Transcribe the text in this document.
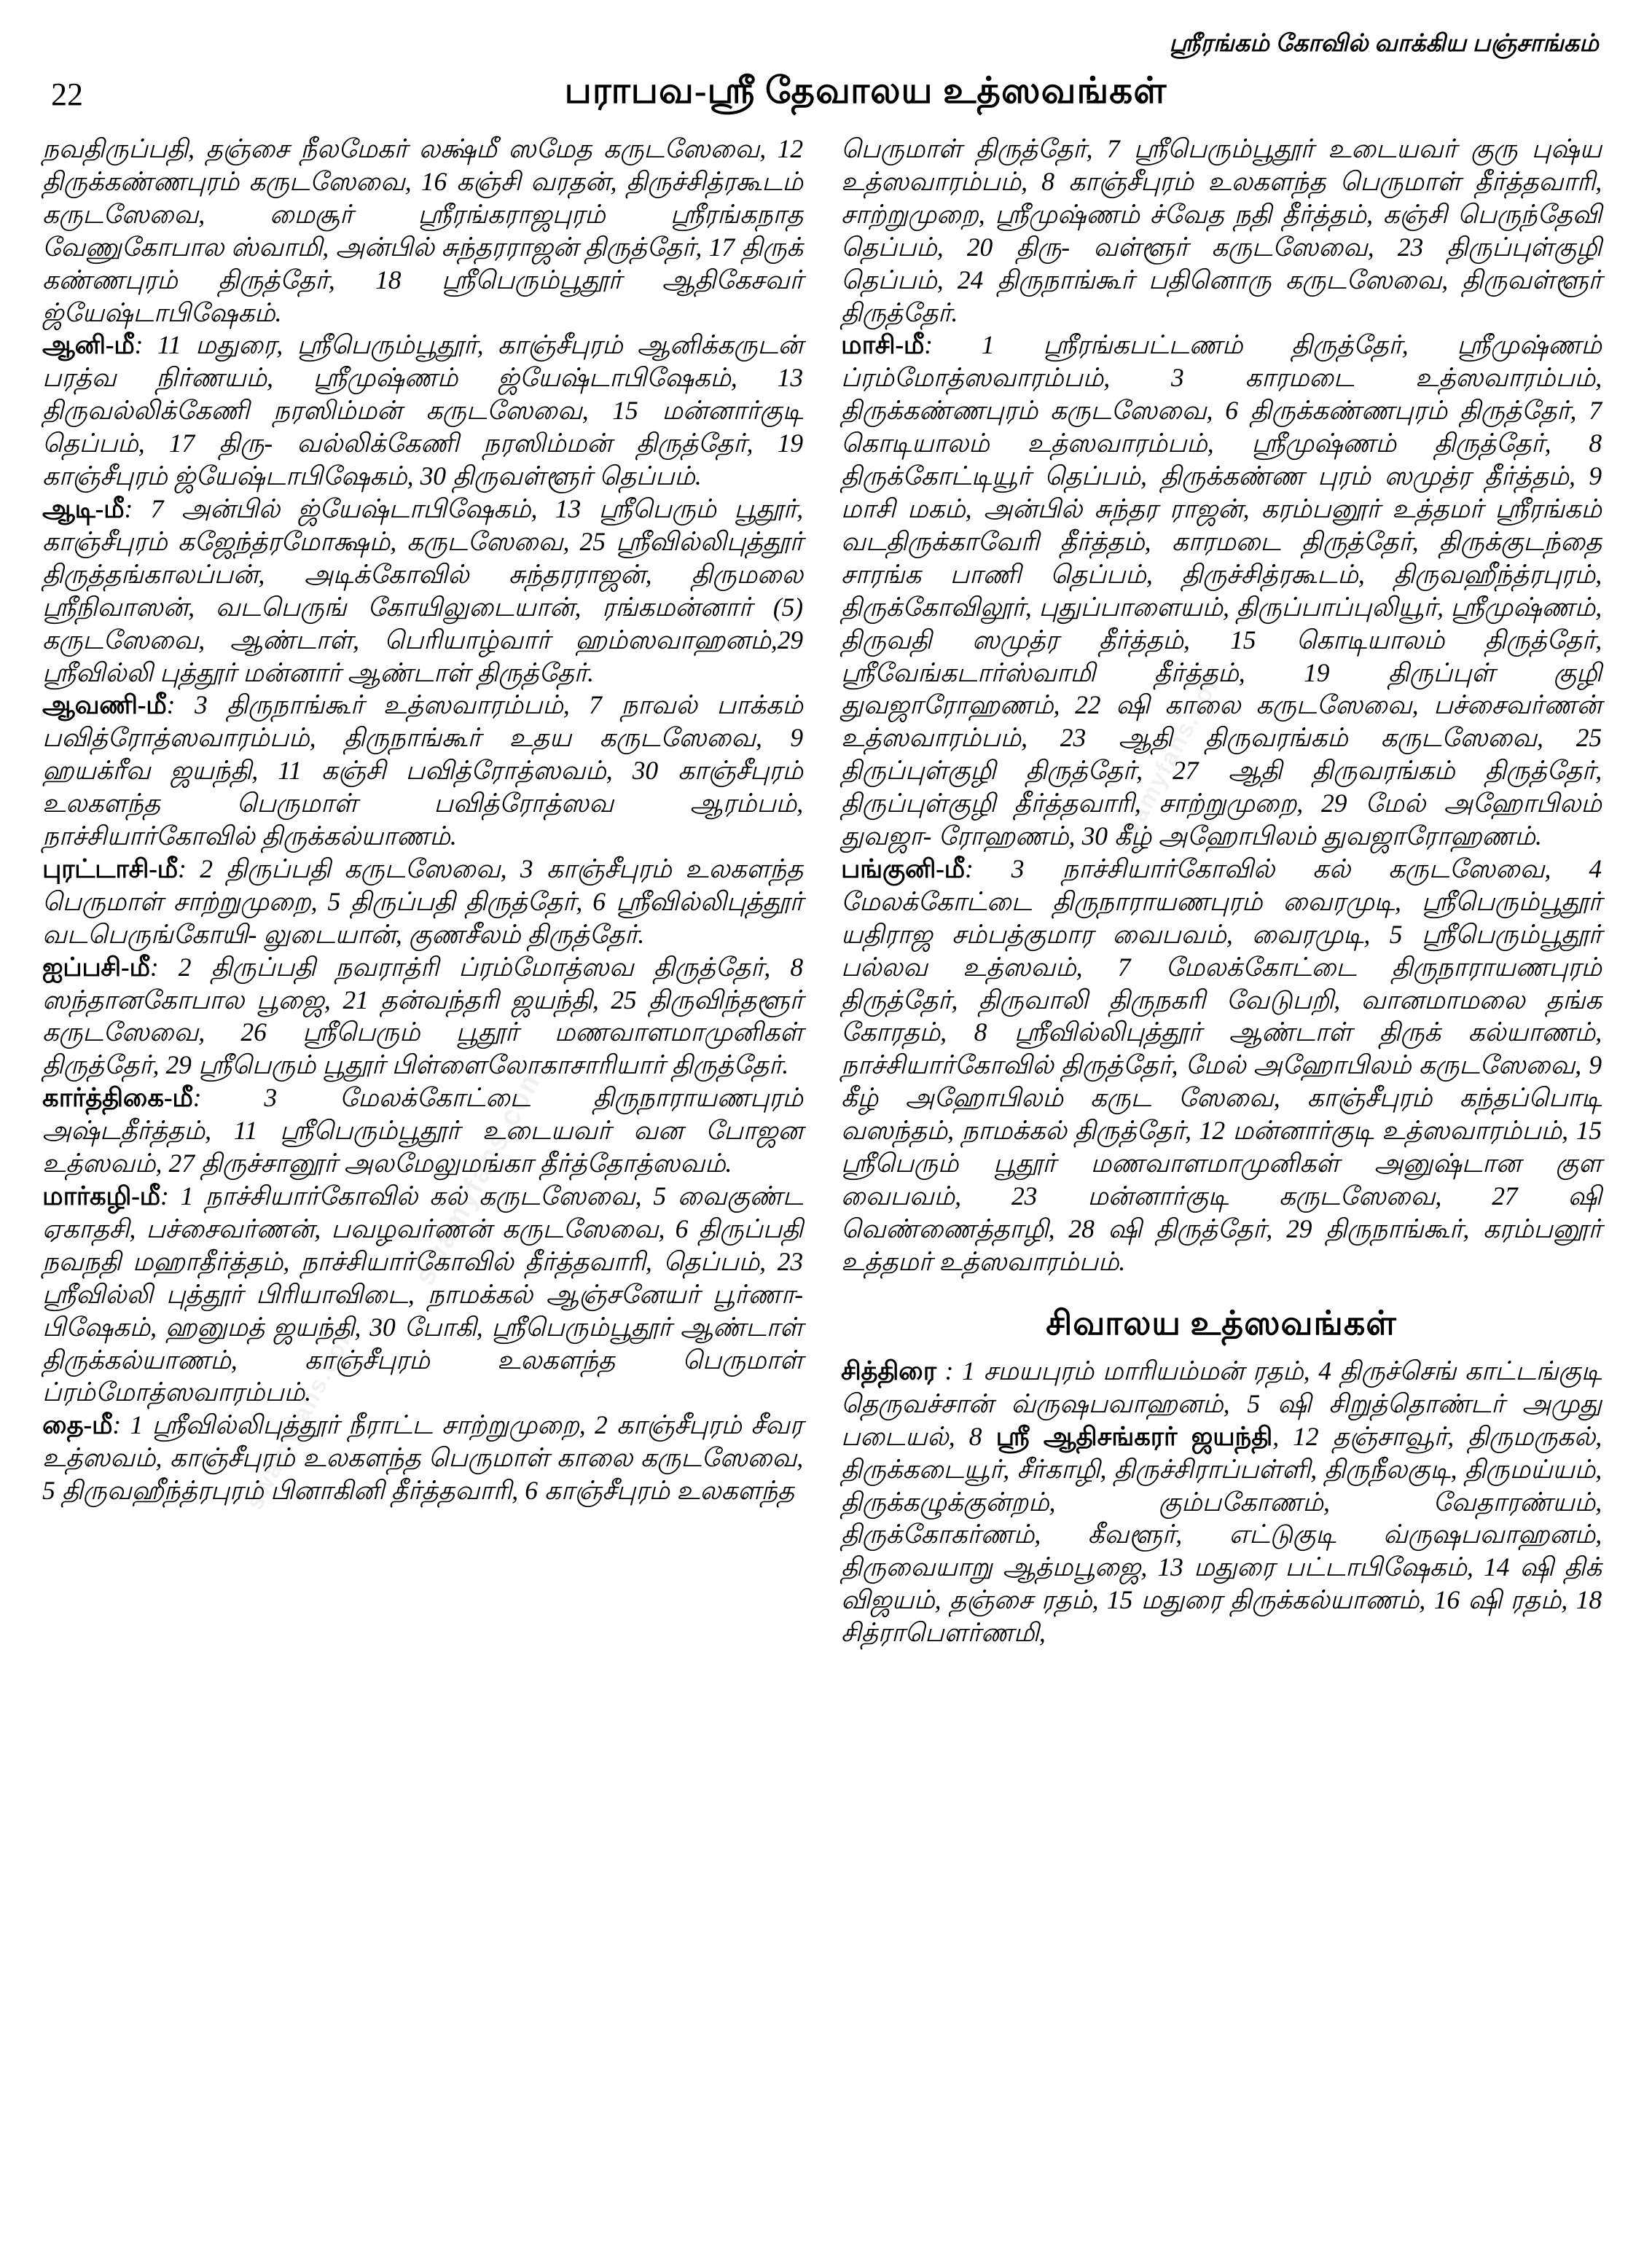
swamyfans.com
swamyfans.com
swamyfans.com
ஸ்ரீரங்கம் கோவில் வாக்கிய பஞ்சாங்கம்
22	பராபவ-ஸ்ரீ தேவாலய உத்ஸவங்கள்

நவதிருப்பதி, தஞ்சை நீலமேகர் லக்ஷ்மீ ஸமேத கருடஸேவை, 12 திருக்கண்ணபுரம் கருடஸேவை, 16 கஞ்சி வரதன், திருச்சித்ரகூடம் கருடஸேவை, மைசூர் ஸ்ரீரங்கராஜபுரம் ஸ்ரீரங்கநாத வேணுகோபால ஸ்வாமி, அன்பில் சுந்தரராஜன் திருத்தேர், 17 திருக் கண்ணபுரம் திருத்தேர், 18 ஸ்ரீபெரும்பூதூர் ஆதிகேசவர் ஜ்யேஷ்டாபிஷேகம்.

ஆனி-மீ: 11 மதுரை, ஸ்ரீபெரும்பூதூர், காஞ்சீபுரம் ஆனிக்கருடன் பரத்வ நிர்ணயம், ஸ்ரீமுஷ்ணம் ஜ்யேஷ்டாபிஷேகம், 13 திருவல்லிக்கேணி நரஸிம்மன் கருடஸேவை, 15 மன்னார்குடி தெப்பம், 17 திரு- வல்லிக்கேணி நரஸிம்மன் திருத்தேர், 19 காஞ்சீபுரம் ஜ்யேஷ்டாபிஷேகம், 30 திருவள்ளூர் தெப்பம்.

ஆடி-மீ: 7 அன்பில் ஜ்யேஷ்டாபிஷேகம், 13 ஸ்ரீபெரும் பூதூர், காஞ்சீபுரம் கஜேந்த்ரமோக்ஷம், கருடஸேவை, 25 ஸ்ரீவில்லிபுத்தூர் திருத்தங்காலப்பன், அடிக்கோவில் சுந்தரராஜன், திருமலை ஸ்ரீநிவாஸன், வடபெருங் கோயிலுடையான், ரங்கமன்னார் (5) கருடஸேவை, ஆண்டாள், பெரியாழ்வார் ஹம்ஸவாஹனம்,29 ஸ்ரீவில்லி புத்தூர் மன்னார் ஆண்டாள் திருத்தேர்.

ஆவணி-மீ: 3 திருநாங்கூர் உத்ஸவாரம்பம், 7 நாவல் பாக்கம் பவித்ரோத்ஸவாரம்பம், திருநாங்கூர் உதய கருடஸேவை, 9 ஹயக்ரீவ ஜயந்தி, 11 கஞ்சி பவித்ரோத்ஸவம், 30 காஞ்சீபுரம் உலகளந்த பெருமாள் பவித்ரோத்ஸவ ஆரம்பம், நாச்சியார்கோவில் திருக்கல்யாணம்.

புரட்டாசி-மீ: 2 திருப்பதி கருடஸேவை, 3 காஞ்சீபுரம் உலகளந்த பெருமாள் சாற்றுமுறை, 5 திருப்பதி திருத்தேர், 6 ஸ்ரீவில்லிபுத்தூர் வடபெருங்கோயி- லுடையான், குணசீலம் திருத்தேர்.

ஐப்பசி-மீ: 2 திருப்பதி நவராத்ரி ப்ரம்மோத்ஸவ திருத்தேர், 8 ஸந்தானகோபால பூஜை, 21 தன்வந்தரி ஜயந்தி, 25 திருவிந்தளூர் கருடஸேவை, 26 ஸ்ரீபெரும் பூதூர் மணவாளமாமுனிகள் திருத்தேர், 29 ஸ்ரீபெரும் பூதூர் பிள்ளைலோகாசாரியார் திருத்தேர்.

கார்த்திகை-மீ: 3 மேலக்கோட்டை திருநாராயணபுரம் அஷ்டதீர்த்தம், 11 ஸ்ரீபெரும்பூதூர் உடையவர் வன போஜன உத்ஸவம், 27 திருச்சானூர் அலமேலுமங்கா தீர்த்தோத்ஸவம்.

மார்கழி-மீ: 1 நாச்சியார்கோவில் கல் கருடஸேவை, 5 வைகுண்ட ஏகாதசி, பச்சைவர்ணன், பவழவர்ணன் கருடஸேவை, 6 திருப்பதி நவநதி மஹாதீர்த்தம், நாச்சியார்கோவில் தீர்த்தவாரி, தெப்பம், 23 ஸ்ரீவில்லி புத்தூர் பிரியாவிடை, நாமக்கல் ஆஞ்சனேயர் பூர்ணா- பிஷேகம், ஹனுமத் ஜயந்தி, 30 போகி, ஸ்ரீபெரும்பூதூர் ஆண்டாள் திருக்கல்யாணம், காஞ்சீபுரம் உலகளந்த பெருமாள் ப்ரம்மோத்ஸவாரம்பம்.

தை-மீ: 1 ஸ்ரீவில்லிபுத்தூர் நீராட்ட சாற்றுமுறை, 2 காஞ்சீபுரம் சீவர உத்ஸவம், காஞ்சீபுரம் உலகளந்த பெருமாள் காலை கருடஸேவை, 5 திருவஹீந்த்ரபுரம் பினாகினி தீர்த்தவாரி, 6 காஞ்சீபுரம் உலகளந்த

பெருமாள் திருத்தேர், 7 ஸ்ரீபெரும்பூதூர் உடையவர் குரு புஷ்ய உத்ஸவாரம்பம், 8 காஞ்சீபுரம் உலகளந்த பெருமாள் தீர்த்தவாரி, சாற்றுமுறை, ஸ்ரீமுஷ்ணம் ச்வேத நதி தீர்த்தம், கஞ்சி பெருந்தேவி தெப்பம், 20 திரு- வள்ளூர் கருடஸேவை, 23 திருப்புள்குழி தெப்பம், 24 திருநாங்கூர் பதினொரு கருடஸேவை, திருவள்ளூர் திருத்தேர்.

மாசி-மீ: 1 ஸ்ரீரங்கபட்டணம் திருத்தேர், ஸ்ரீமுஷ்ணம் ப்ரம்மோத்ஸவாரம்பம், 3 காரமடை உத்ஸவாரம்பம், திருக்கண்ணபுரம் கருடஸேவை, 6 திருக்கண்ணபுரம் திருத்தேர், 7 கொடியாலம் உத்ஸவாரம்பம், ஸ்ரீமுஷ்ணம் திருத்தேர், 8 திருக்கோட்டியூர் தெப்பம், திருக்கண்ண புரம் ஸமுத்ர தீர்த்தம், 9 மாசி மகம், அன்பில் சுந்தர ராஜன், கரம்பனூர் உத்தமர் ஸ்ரீரங்கம் வடதிருக்காவேரி தீர்த்தம், காரமடை திருத்தேர், திருக்குடந்தை சாரங்க பாணி தெப்பம், திருச்சித்ரகூடம், திருவஹீந்த்ரபுரம், திருக்கோவிலூர், புதுப்பாளையம், திருப்பாப்புலியூர், ஸ்ரீமுஷ்ணம், திருவதி ஸமுத்ர தீர்த்தம், 15 கொடியாலம் திருத்தேர், ஸ்ரீவேங்கடார்ஸ்வாமி தீர்த்தம், 19 திருப்புள் குழி துவஜாரோஹணம், 22 ஷி காலை கருடஸேவை, பச்சைவர்ணன் உத்ஸவாரம்பம், 23 ஆதி திருவரங்கம் கருடஸேவை, 25 திருப்புள்குழி திருத்தேர், 27 ஆதி திருவரங்கம் திருத்தேர், திருப்புள்குழி தீர்த்தவாரி, சாற்றுமுறை, 29 மேல் அஹோபிலம் துவஜா- ரோஹணம், 30 கீழ் அஹோபிலம் துவஜாரோஹணம்.

பங்குனி-மீ: 3 நாச்சியார்கோவில் கல் கருடஸேவை, 4 மேலக்கோட்டை திருநாராயணபுரம் வைரமுடி, ஸ்ரீபெரும்பூதூர் யதிராஜ சம்பத்குமார வைபவம், வைரமுடி, 5 ஸ்ரீபெரும்பூதூர் பல்லவ உத்ஸவம், 7 மேலக்கோட்டை திருநாராயணபுரம் திருத்தேர், திருவாலி திருநகரி வேடுபறி, வானமாமலை தங்க கோரதம், 8 ஸ்ரீவில்லிபுத்தூர் ஆண்டாள் திருக் கல்யாணம், நாச்சியார்கோவில் திருத்தேர், மேல் அஹோபிலம் கருடஸேவை, 9 கீழ் அஹோபிலம் கருட ஸேவை, காஞ்சீபுரம் கந்தப்பொடி வஸந்தம், நாமக்கல் திருத்தேர், 12 மன்னார்குடி உத்ஸவாரம்பம், 15 ஸ்ரீபெரும் பூதூர் மணவாளமாமுனிகள் அனுஷ்டான குள வைபவம், 23 மன்னார்குடி கருடஸேவை, 27 ஷி வெண்ணைத்தாழி, 28 ஷி திருத்தேர், 29 திருநாங்கூர், கரம்பனூர் உத்தமர் உத்ஸவாரம்பம்.

சிவாலய உத்ஸவங்கள்

சித்திரை : 1 சமயபுரம் மாரியம்மன் ரதம், 4 திருச்செங் காட்டங்குடி தெருவச்சான் வ்ருஷபவாஹனம், 5 ஷி சிறுத்தொண்டர் அமுது படையல், 8 ஸ்ரீ ஆதிசங்கரர் ஜயந்தி, 12 தஞ்சாவூர், திருமருகல், திருக்கடையூர், சீர்காழி, திருச்சிராப்பள்ளி, திருநீலகுடி, திருமய்யம், திருக்கழுக்குன்றம், கும்பகோணம், வேதாரண்யம், திருக்கோகர்ணம், கீவளூர், எட்டுகுடி வ்ருஷபவாஹனம், திருவையாறு ஆத்மபூஜை, 13 மதுரை பட்டாபிஷேகம், 14 ஷி திக் விஜயம், தஞ்சை ரதம், 15 மதுரை திருக்கல்யாணம், 16 ஷி ரதம், 18 சித்ராபௌர்ணமி,
